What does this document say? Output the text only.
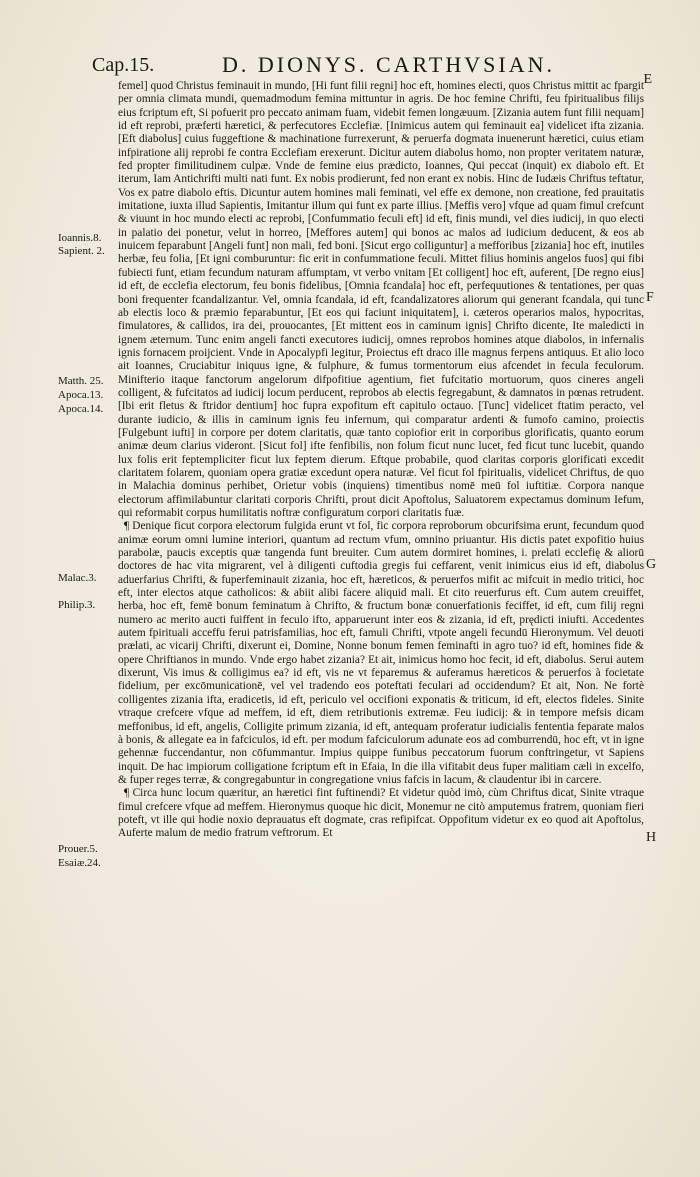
Cap.15.	D. DIONYS. CARTHVSIAN.
E
F
G
H
Ioannis.8.
Sapient. 2.
Matth. 25.
Apoca.13.
Apoca.14.
Malac.3.
Philip.3.
Prouer.5.
Esaiæ.24.

femel] quod Christus feminauit in mundo, [Hi funt filii regni] hoc eft, homines electi, quos Christus mittit ac fpargit per omnia climata mundi, quemadmodum femina mittuntur in agris. De hoc femine Chrifti, feu fpiritualibus filijs eius fcriptum eft, Si pofuerit pro peccato animam fuam, videbit femen longæuum. [Zizania autem funt filii nequam] id eft reprobi, præferti hæretici, & perfecutores Ecclefiæ. [Inimicus autem qui feminauit ea] videlicet ifta zizania. [Eft diabolus] cuius fuggeftione & machinatione furrexerunt, & peruerfa dogmata inuenerunt hæretici, cuius etiam infpiratione alij reprobi fe contra Ecclefiam erexerunt. Dicitur autem diabolus homo, non propter veritatem naturæ, fed propter fimilitudinem culpæ. Vnde de femine eius prædicto, Ioannes, Qui peccat (inquit) ex diabolo eft. Et iterum, Iam Antichrifti multi nati funt. Ex nobis prodierunt, fed non erant ex nobis. Hinc de Iudæis Chriftus teftatur, Vos ex patre diabolo eftis. Dicuntur autem homines mali feminati, vel effe ex demone, non creatione, fed prauitatis imitatione, iuxta illud Sapientis, Imitantur illum qui funt ex parte illius. [Meffis vero] vfque ad quam fimul crefcunt & viuunt in hoc mundo electi ac reprobi, [Confummatio feculi eft] id eft, finis mundi, vel dies iudicij, in quo electi in palatio dei ponetur, velut in horreo, [Meffores autem] qui bonos ac malos ad iudicium deducent, & eos ab inuicem feparabunt [Angeli funt] non mali, fed boni. [Sicut ergo colliguntur] a mefforibus [zizania] hoc eft, inutiles herbæ, feu folia, [Et igni comburuntur: fic erit in confummatione feculi. Mittet filius hominis angelos fuos] qui fibi fubiecti funt, etiam fecundum naturam affumptam, vt verbo vnitam [Et colligent] hoc eft, auferent, [De regno eius] id eft, de ecclefia electorum, feu bonis fidelibus, [Omnia fcandala] hoc eft, perfequutiones & tentationes, per quas boni frequenter fcandalizantur. Vel, omnia fcandala, id eft, fcandalizatores aliorum qui generant fcandala, qui tunc ab electis loco & præmio feparabuntur, [Et eos qui faciunt iniquitatem], i. cæteros operarios malos, hypocritas, fimulatores, & callidos, ira dei, prouocantes, [Et mittent eos in caminum ignis] Chrifto dicente, Ite maledicti in ignem æternum. Tunc enim angeli fancti executores iudicij, omnes reprobos homines atque diabolos, in infernalis ignis fornacem proijcient. Vnde in Apocalypfi legitur, Proiectus eft draco ille magnus ferpens antiquus. Et alio loco ait Ioannes, Cruciabitur iniquus igne, & fulphure, & fumus tormentorum eius afcendet in fecula feculorum. Minifterio itaque fanctorum angelorum difpofitiue agentium, fiet fufcitatio mortuorum, quos cineres angeli colligent, & fufcitatos ad iudicij locum perducent, reprobos ab electis fegregabunt, & damnatos in pœnas retrudent. [Ibi erit fletus & ftridor dentium] hoc fupra expofitum eft capitulo octauo. [Tunc] videlicet ftatim peracto, vel durante iudicio, & illis in caminum ignis feu infernum, qui comparatur ardenti & fumofo camino, proiectis [Fulgebunt iufti] in corpore per dotem claritatis, quæ tanto copiofior erit in corporibus glorificatis, quanto eorum animæ deum clarius videront. [Sicut fol] ifte fenfibilis, non folum ficut nunc lucet, fed ficut tunc lucebit, quando lux folis erit feptempliciter ficut lux feptem dierum. Eftque probabile, quod claritas corporis glorificati excedit claritatem folarem, quoniam opera gratiæ excedunt opera naturæ. Vel ficut fol fpiritualis, videlicet Chriftus, de quo in Malachia dominus perhibet, Orietur vobis (inquiens) timentibus nomē meū fol iuftitiæ. Corpora nanque electorum affimilabuntur claritati corporis Chrifti, prout dicit Apoftolus, Saluatorem expectamus dominum Iefum, qui reformabit corpus humilitatis noftræ configuratum corpori claritatis fuæ.

¶ Denique ficut corpora electorum fulgida erunt vt fol, fic corpora reproborum obcurifsima erunt, fecundum quod animæ eorum omni lumine interiori, quantum ad rectum vfum, omnino priuantur. His dictis patet expofitio huius parabolæ, paucis exceptis quæ tangenda funt breuiter. Cum autem dormiret homines, i. prelati ecclefię & aliorū doctores de hac vita migrarent, vel à diligenti cuftodia gregis fui ceffarent, venit inimicus eius id eft, diabolus aduerfarius Chrifti, & fuperfeminauit zizania, hoc eft, hæreticos, & peruerfos mifit ac mifcuit in medio tritici, hoc eft, inter electos atque catholicos: & abiit alibi facere aliquid mali. Et cito reuerfurus eft. Cum autem creuiffet, herba, hoc eft, femē bonum feminatum à Chrifto, & fructum bonæ conuerfationis feciffet, id eft, cum filij regni numero ac merito aucti fuiffent in feculo ifto, apparuerunt inter eos & zizania, id eft, prędicti iniufti. Accedentes autem fpirituali acceffu ferui patrisfamilias, hoc eft, famuli Chrifti, vtpote angeli fecundū Hieronymum. Vel deuoti prælati, ac vicarij Chrifti, dixerunt ei, Domine, Nonne bonum femen feminafti in agro tuo? id eft, homines fide & opere Chriftianos in mundo. Vnde ergo habet zizania? Et ait, inimicus homo hoc fecit, id eft, diabolus. Serui autem dixerunt, Vis imus & colligimus ea? id eft, vis ne vt feparemus & auferamus hæreticos & peruerfos à focietate fidelium, per excōmunicationē, vel vel tradendo eos poteftati feculari ad occidendum? Et ait, Non. Ne fortè colligentes zizania ifta, eradicetis, id eft, periculo vel occifioni exponatis & triticum, id eft, electos fideles. Sinite vtraque crefcere vfque ad meffem, id eft, diem retributionis extremæ. Feu iudicij: & in tempore mefsis dicam meffonibus, id eft, angelis, Colligite primum zizania, id eft, antequam proferatur iudicialis fententia feparate malos à bonis, & allegate ea in fafciculos, id eft. per modum fafciculorum adunate eos ad comburrendū, hoc eft, vt in igne gehennæ fuccendantur, non cōfummantur. Impius quippe funibus peccatorum fuorum conftringetur, vt Sapiens inquit. De hac impiorum colligatione fcriptum eft in Efaia, In die illa vifitabit deus fuper malitiam cæli in excelfo, & fuper reges terræ, & congregabuntur in congregatione vnius fafcis in lacum, & claudentur ibi in carcere.

¶ Circa hunc locum quæritur, an hæretici fint fuftinendi? Et videtur quòd imò, cùm Chriftus dicat, Sinite vtraque fimul crefcere vfque ad meffem. Hieronymus quoque hic dicit, Monemur ne citò amputemus fratrem, quoniam fieri poteft, vt ille qui hodie noxio deprauatus eft dogmate, cras refipifcat. Oppofitum videtur ex eo quod ait Apoftolus, Auferte malum de medio fratrum veftrorum. Et
